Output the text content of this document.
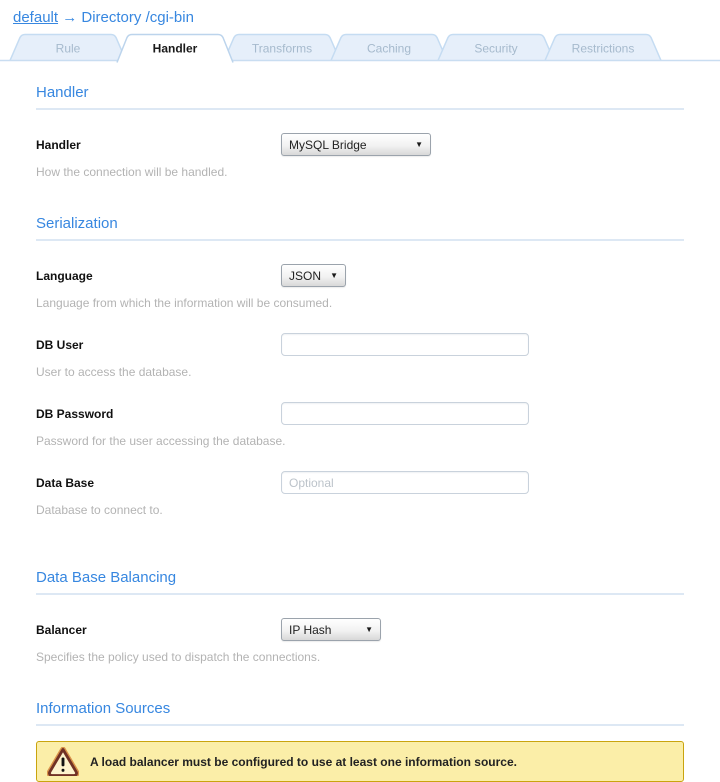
default → Directory /cgi-bin
Rule	Handler	Transforms	Caching	Security	Restrictions
Handler
Handler	MySQL Bridge	▼
How the connection will be handled.
Serialization
Language	JSON ▼
Language from which the information will be consumed.
DB User
User to access the database.
DB Password
Password for the user accessing the database.
Data Base
Optional
Database to connect to.
Data Base Balancing
Balancer	IP Hash	▼
Specifies the policy used to dispatch the connections.
Information Sources
A load balancer must be configured to use at least one information source.
